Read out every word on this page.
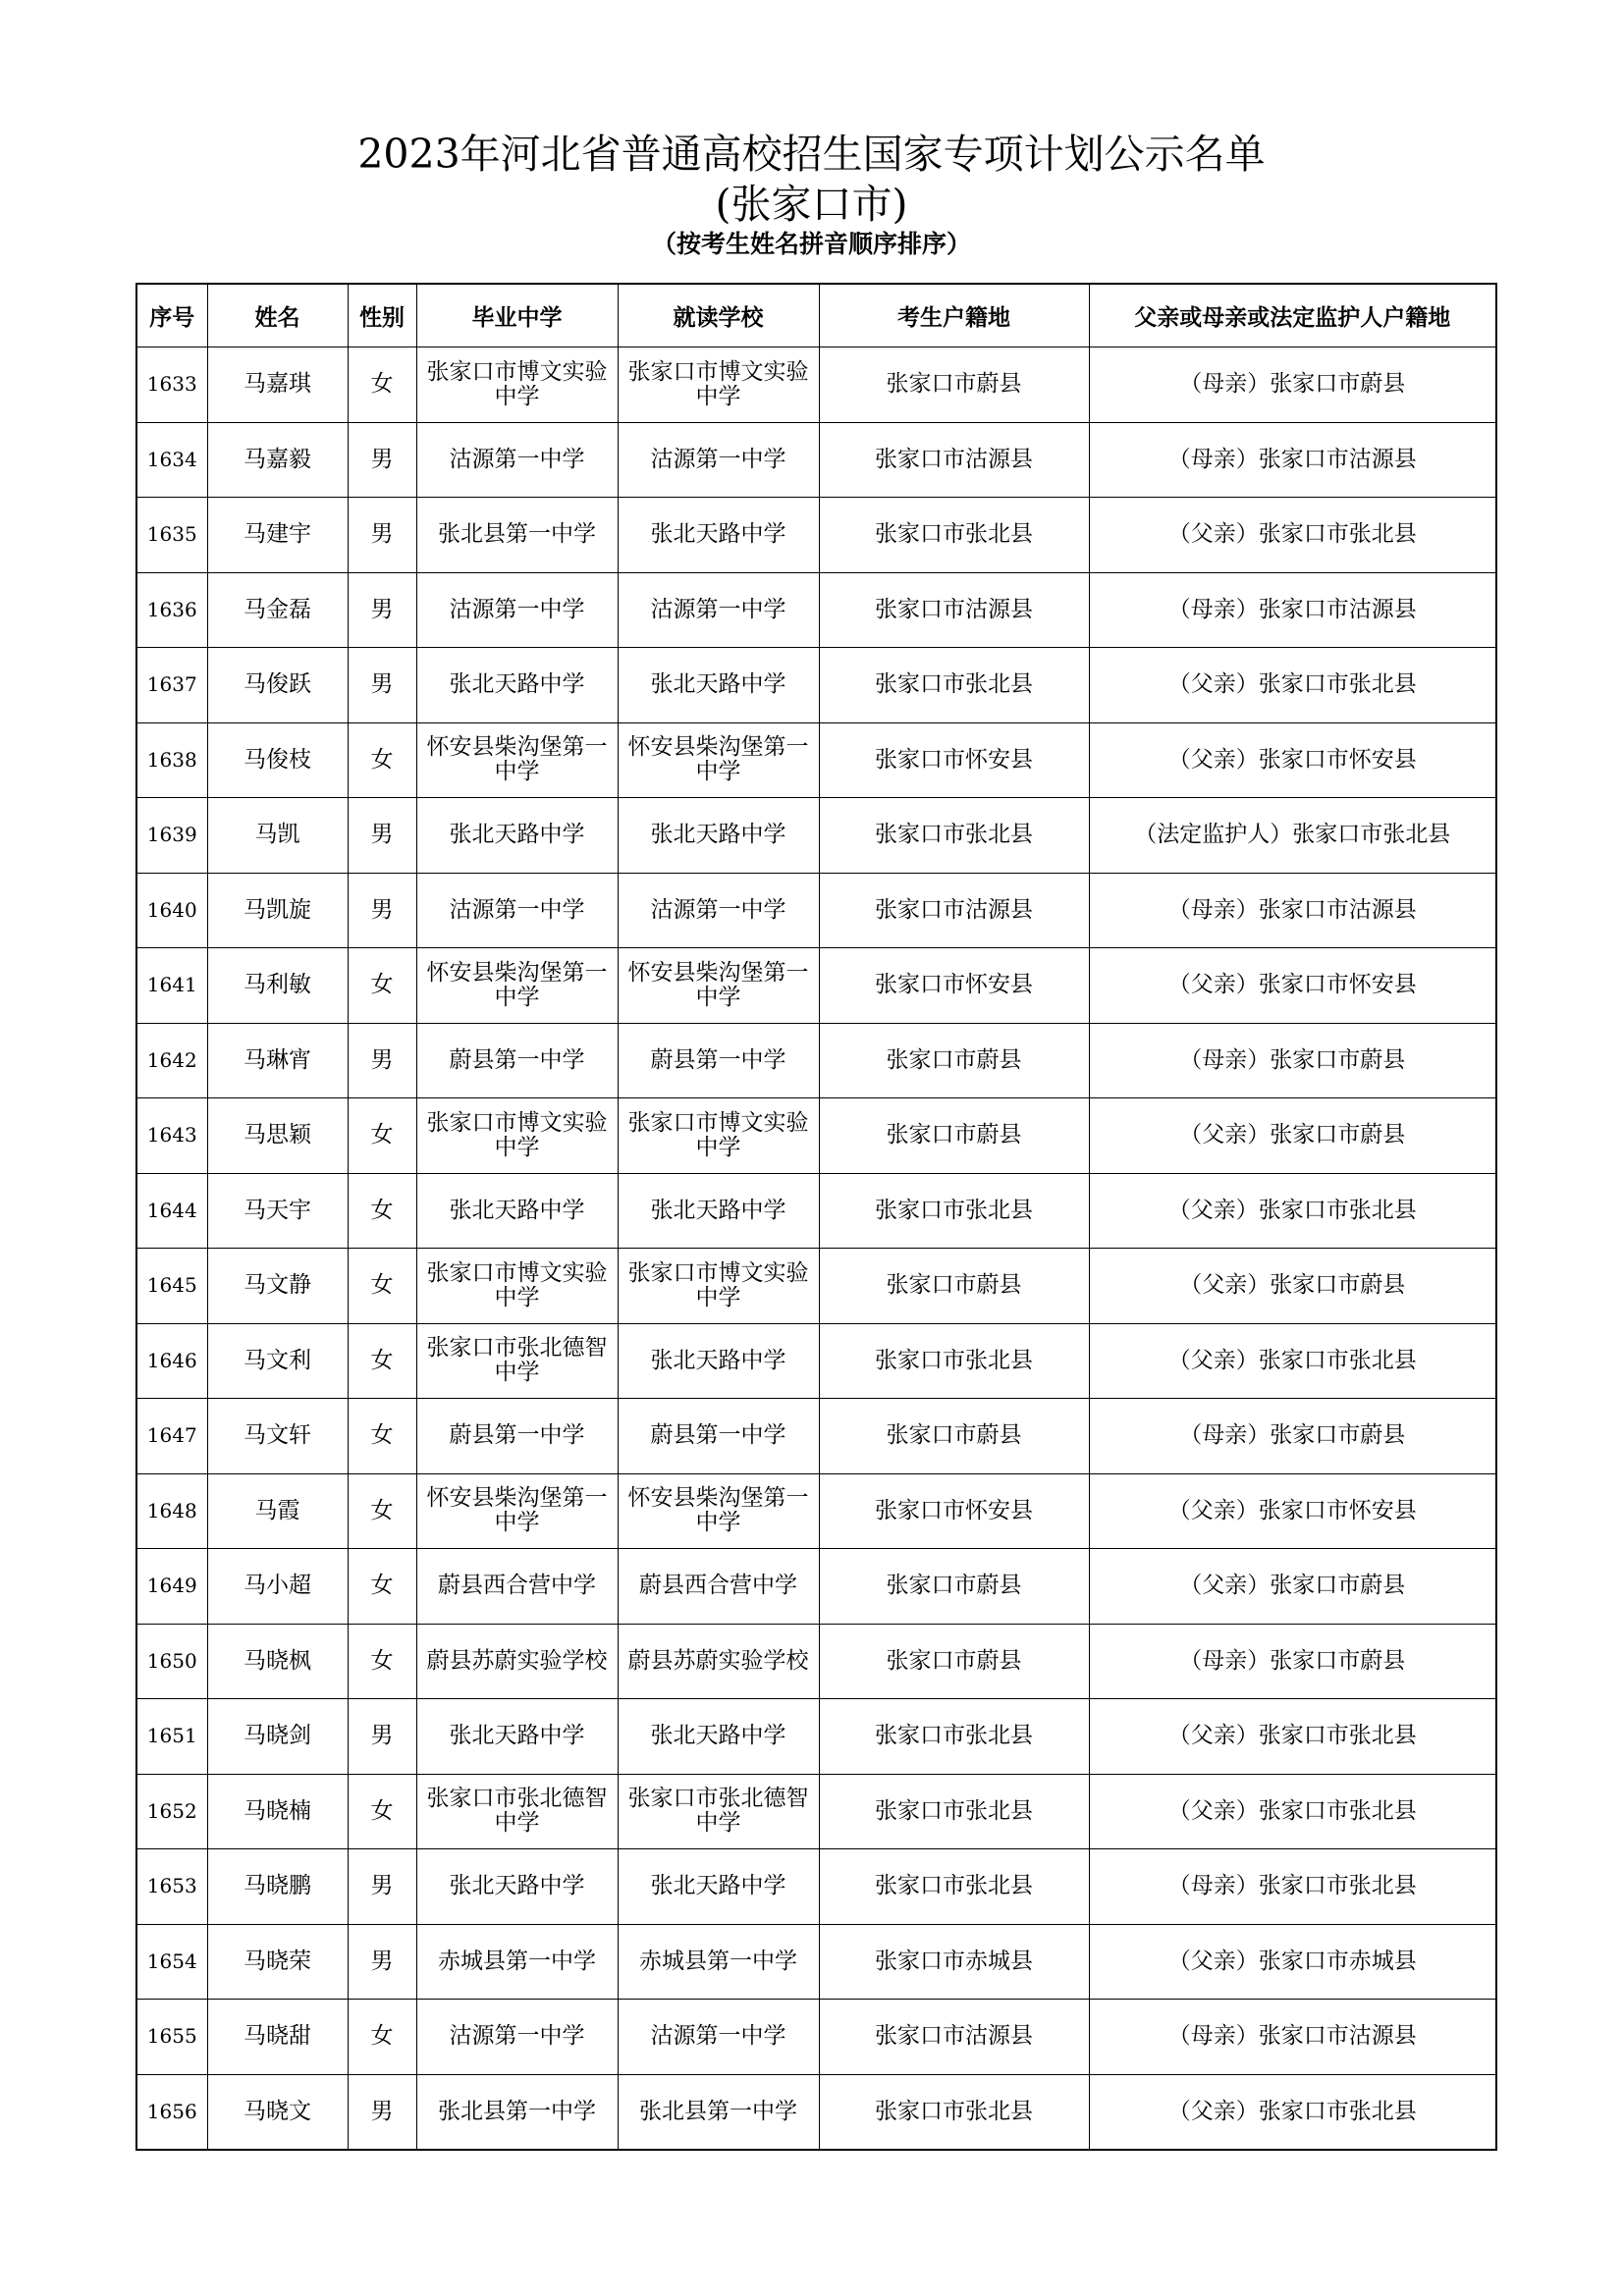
2023年河北省普通高校招生国家专项计划公示名单
(张家口市)
（按考生姓名拼音顺序排序）
序号	姓名	性别	毕业中学	就读学校	考生户籍地	父亲或母亲或法定监护人户籍地
1633	马嘉琪	女	张家口市博文实验中学	张家口市博文实验中学	张家口市蔚县	（母亲）张家口市蔚县
1634	马嘉毅	男	沽源第一中学	沽源第一中学	张家口市沽源县	（母亲）张家口市沽源县
1635	马建宇	男	张北县第一中学	张北天路中学	张家口市张北县	（父亲）张家口市张北县
1636	马金磊	男	沽源第一中学	沽源第一中学	张家口市沽源县	（母亲）张家口市沽源县
1637	马俊跃	男	张北天路中学	张北天路中学	张家口市张北县	（父亲）张家口市张北县
1638	马俊枝	女	怀安县柴沟堡第一中学	怀安县柴沟堡第一中学	张家口市怀安县	（父亲）张家口市怀安县
1639	马凯	男	张北天路中学	张北天路中学	张家口市张北县	（法定监护人）张家口市张北县
1640	马凯旋	男	沽源第一中学	沽源第一中学	张家口市沽源县	（母亲）张家口市沽源县
1641	马利敏	女	怀安县柴沟堡第一中学	怀安县柴沟堡第一中学	张家口市怀安县	（父亲）张家口市怀安县
1642	马琳宵	男	蔚县第一中学	蔚县第一中学	张家口市蔚县	（母亲）张家口市蔚县
1643	马思颖	女	张家口市博文实验中学	张家口市博文实验中学	张家口市蔚县	（父亲）张家口市蔚县
1644	马天宇	女	张北天路中学	张北天路中学	张家口市张北县	（父亲）张家口市张北县
1645	马文静	女	张家口市博文实验中学	张家口市博文实验中学	张家口市蔚县	（父亲）张家口市蔚县
1646	马文利	女	张家口市张北德智中学	张北天路中学	张家口市张北县	（父亲）张家口市张北县
1647	马文轩	女	蔚县第一中学	蔚县第一中学	张家口市蔚县	（母亲）张家口市蔚县
1648	马霞	女	怀安县柴沟堡第一中学	怀安县柴沟堡第一中学	张家口市怀安县	（父亲）张家口市怀安县
1649	马小超	女	蔚县西合营中学	蔚县西合营中学	张家口市蔚县	（父亲）张家口市蔚县
1650	马晓枫	女	蔚县苏蔚实验学校	蔚县苏蔚实验学校	张家口市蔚县	（母亲）张家口市蔚县
1651	马晓剑	男	张北天路中学	张北天路中学	张家口市张北县	（父亲）张家口市张北县
1652	马晓楠	女	张家口市张北德智中学	张家口市张北德智中学	张家口市张北县	（父亲）张家口市张北县
1653	马晓鹏	男	张北天路中学	张北天路中学	张家口市张北县	（母亲）张家口市张北县
1654	马晓荣	男	赤城县第一中学	赤城县第一中学	张家口市赤城县	（父亲）张家口市赤城县
1655	马晓甜	女	沽源第一中学	沽源第一中学	张家口市沽源县	（母亲）张家口市沽源县
1656	马晓文	男	张北县第一中学	张北县第一中学	张家口市张北县	（父亲）张家口市张北县
